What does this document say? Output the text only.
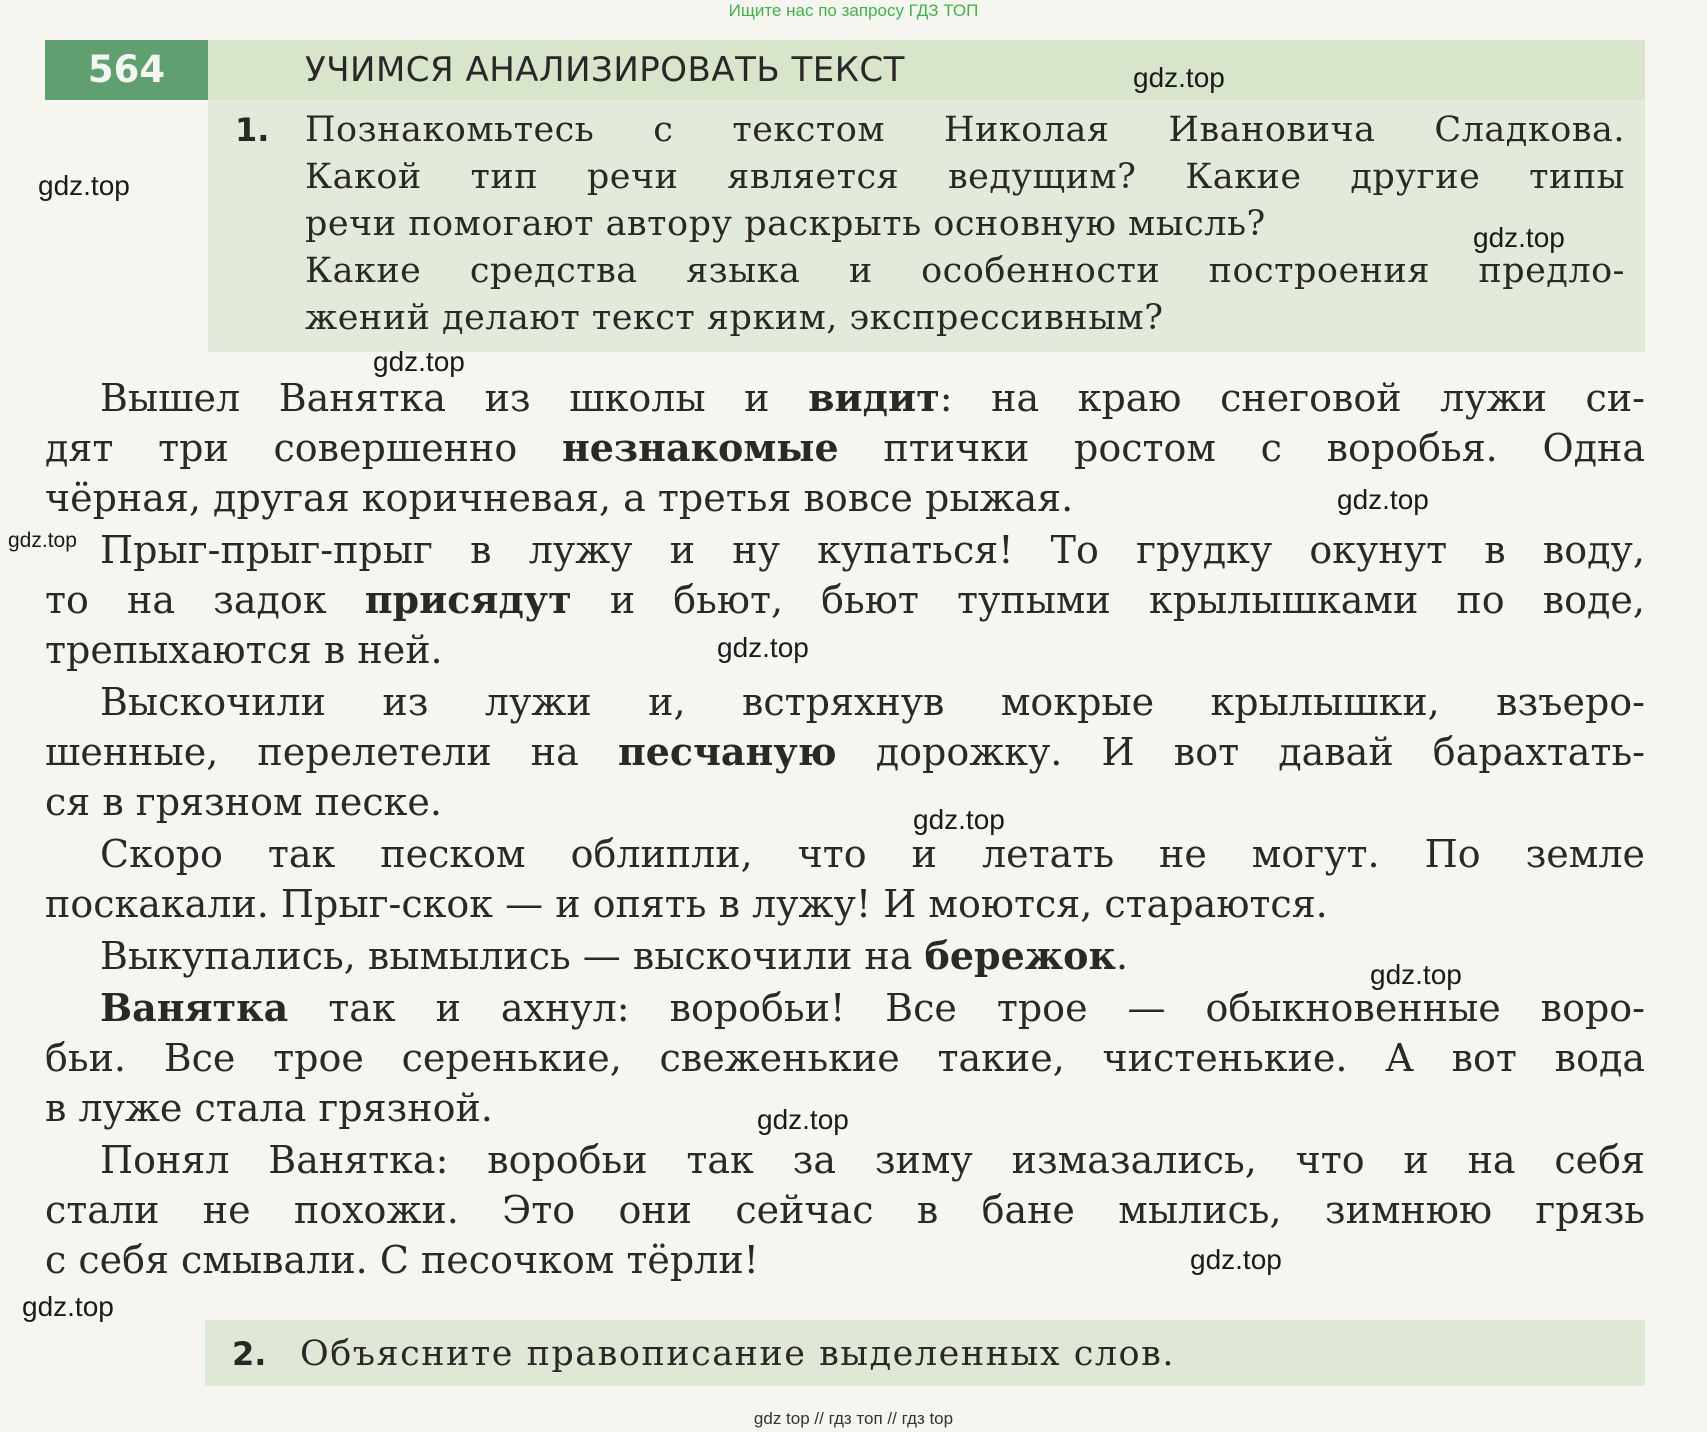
Ищите нас по запросу ГДЗ ТОП
564	УЧИМСЯ АНАЛИЗИРОВАТЬ ТЕКСТ
1. Познакомьтесь с текстом Николая Ивановича Сладкова.
Какой тип речи является ведущим? Какие другие типы
речи помогают автору раскрыть основную мысль?
Какие средства языка и особенности построения предло-
жений делают текст ярким, экспрессивным?
Вышел Ванятка из школы и видит: на краю снеговой лужи си-
дят три совершенно незнакомые птички ростом с воробья. Одна
чёрная, другая коричневая, а третья вовсе рыжая.
Прыг-прыг-прыг в лужу и ну купаться! То грудку окунут в воду,
то на задок присядут и бьют, бьют тупыми крылышками по воде,
трепыхаются в ней.
Выскочили из лужи и, встряхнув мокрые крылышки, взъеро-
шенные, перелетели на песчаную дорожку. И вот давай барахтать-
ся в грязном песке.
Скоро так песком облипли, что и летать не могут. По земле
поскакали. Прыг-скок — и опять в лужу! И моются, стараются.
Выкупались, вымылись — выскочили на бережок.
Ванятка так и ахнул: воробьи! Все трое — обыкновенные воро-
бьи. Все трое серенькие, свеженькие такие, чистенькие. А вот вода
в луже стала грязной.
Понял Ванятка: воробьи так за зиму измазались, что и на себя
стали не похожи. Это они сейчас в бане мылись, зимнюю грязь
с себя смывали. С песочком тёрли!
2. Объясните правописание выделенных слов.
gdz.top
gdz.top
gdz.top
gdz.top
gdz.top
gdz.top
gdz.top
gdz.top
gdz.top
gdz.top
gdz.top
gdz.top
gdz top // гдз топ // гдз top
